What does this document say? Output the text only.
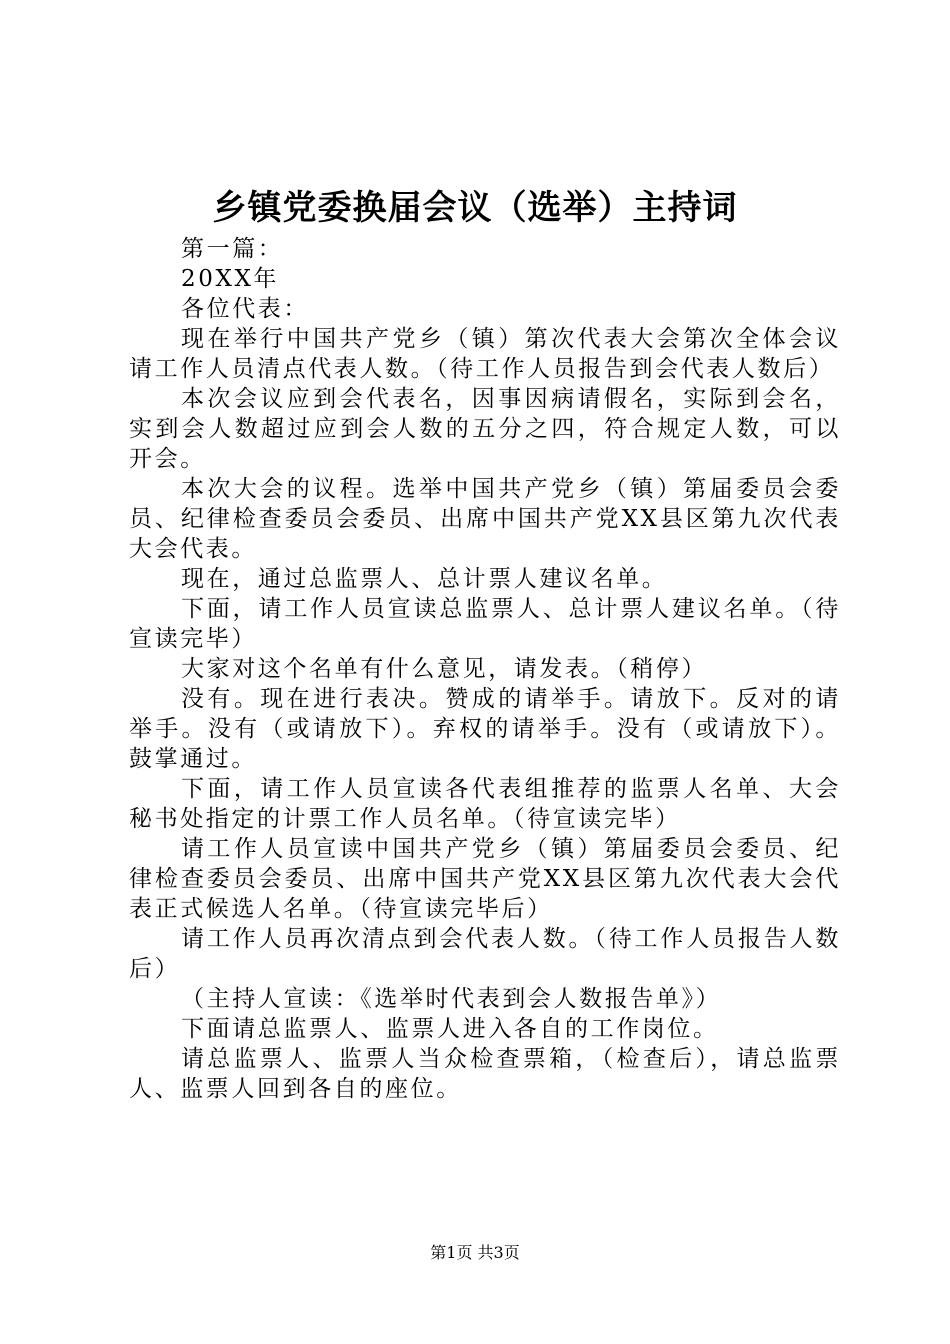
乡镇党委换届会议（选举）主持词

第一篇：

20XX年

各位代表：

现在举行中国共产党乡（镇）第次代表大会第次全体会议请工作人员清点代表人数。（待工作人员报告到会代表人数后）

本次会议应到会代表名，因事因病请假名，实际到会名，实到会人数超过应到会人数的五分之四，符合规定人数，可以开会。

本次大会的议程。选举中国共产党乡（镇）第届委员会委员、纪律检查委员会委员、出席中国共产党XX县区第九次代表大会代表。

现在，通过总监票人、总计票人建议名单。

下面，请工作人员宣读总监票人、总计票人建议名单。（待宣读完毕）

大家对这个名单有什么意见，请发表。（稍停）

没有。现在进行表决。赞成的请举手。请放下。反对的请举手。没有（或请放下）。弃权的请举手。没有（或请放下）。鼓掌通过。

下面，请工作人员宣读各代表组推荐的监票人名单、大会秘书处指定的计票工作人员名单。（待宣读完毕）

请工作人员宣读中国共产党乡（镇）第届委员会委员、纪律检查委员会委员、出席中国共产党XX县区第九次代表大会代表正式候选人名单。（待宣读完毕后）

请工作人员再次清点到会代表人数。（待工作人员报告人数后）

（主持人宣读：《选举时代表到会人数报告单》）

下面请总监票人、监票人进入各自的工作岗位。

请总监票人、监票人当众检查票箱，（检查后），请总监票人、监票人回到各自的座位。

第1页 共3页
